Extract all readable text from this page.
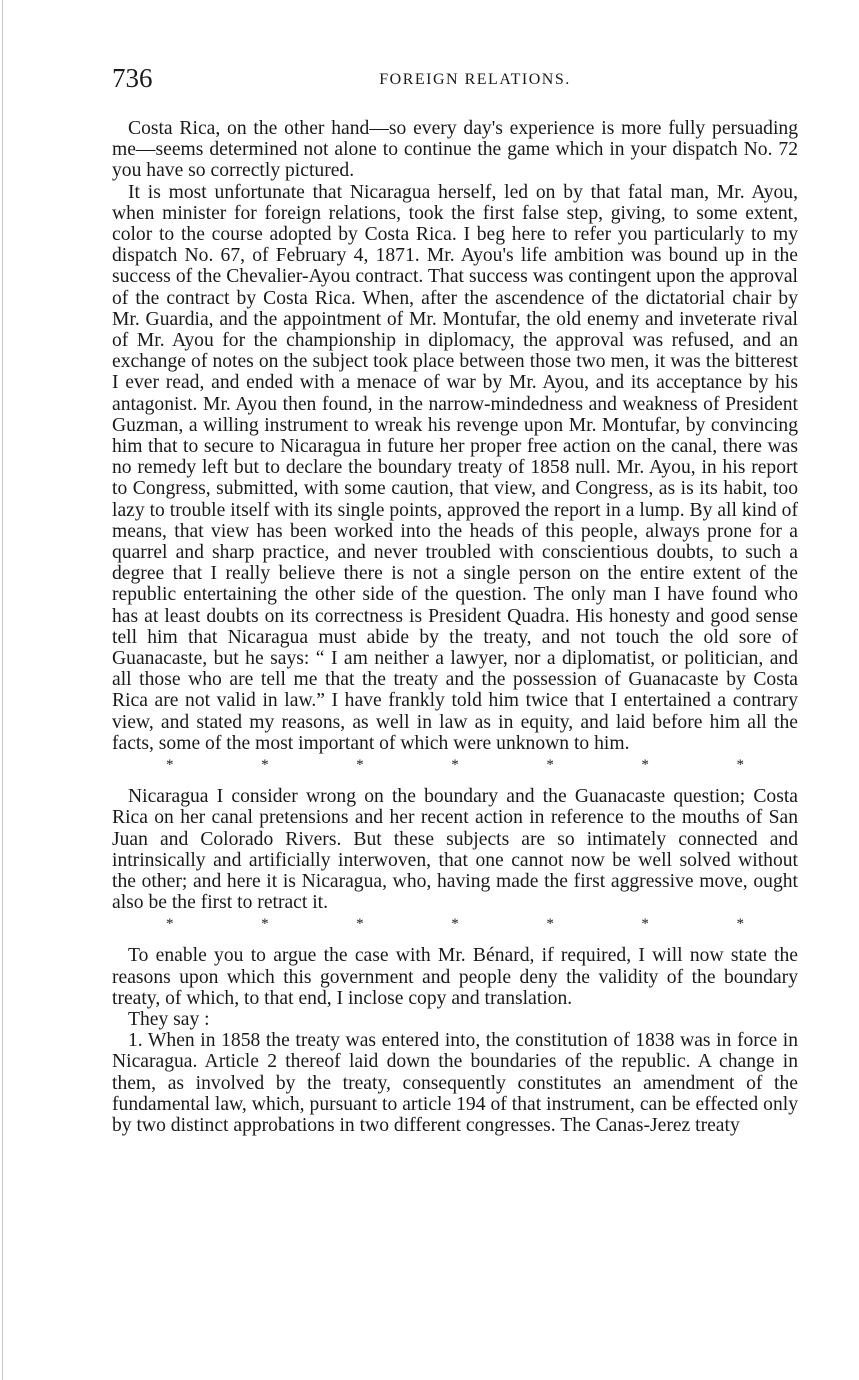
736	FOREIGN RELATIONS.

Costa Rica, on the other hand—so every day's experience is more fully persuading me—seems determined not alone to continue the game which in your dispatch No. 72 you have so correctly pictured.

It is most unfortunate that Nicaragua herself, led on by that fatal man, Mr. Ayou, when minister for foreign relations, took the first false step, giving, to some extent, color to the course adopted by Costa Rica. I beg here to refer you particularly to my dispatch No. 67, of February 4, 1871. Mr. Ayou's life ambition was bound up in the success of the Chevalier-Ayou contract. That success was contingent upon the approval of the contract by Costa Rica. When, after the ascendence of the dictatorial chair by Mr. Guardia, and the appointment of Mr. Montufar, the old enemy and inveterate rival of Mr. Ayou for the championship in diplomacy, the approval was refused, and an exchange of notes on the subject took place between those two men, it was the bitterest I ever read, and ended with a menace of war by Mr. Ayou, and its acceptance by his antagonist. Mr. Ayou then found, in the narrow-mindedness and weakness of President Guzman, a willing instrument to wreak his revenge upon Mr. Montufar, by convincing him that to secure to Nicaragua in future her proper free action on the canal, there was no remedy left but to declare the boundary treaty of 1858 null. Mr. Ayou, in his report to Congress, submitted, with some caution, that view, and Congress, as is its habit, too lazy to trouble itself with its single points, approved the report in a lump. By all kind of means, that view has been worked into the heads of this people, always prone for a quarrel and sharp practice, and never troubled with conscientious doubts, to such a degree that I really believe there is not a single person on the entire extent of the republic entertaining the other side of the question. The only man I have found who has at least doubts on its correctness is President Quadra. His honesty and good sense tell him that Nicaragua must abide by the treaty, and not touch the old sore of Guanacaste, but he says: “ I am neither a lawyer, nor a diplomatist, or politician, and all those who are tell me that the treaty and the possession of Guanacaste by Costa Rica are not valid in law.” I have frankly told him twice that I entertained a contrary view, and stated my reasons, as well in law as in equity, and laid before him all the facts, some of the most important of which were unknown to him.

*	*	*	*	*	*	*

Nicaragua I consider wrong on the boundary and the Guanacaste question; Costa Rica on her canal pretensions and her recent action in reference to the mouths of San Juan and Colorado Rivers. But these subjects are so intimately connected and intrinsically and artificially interwoven, that one cannot now be well solved without the other; and here it is Nicaragua, who, having made the first aggressive move, ought also be the first to retract it.

*	*	*	*	*	*	*

To enable you to argue the case with Mr. Bénard, if required, I will now state the reasons upon which this government and people deny the validity of the boundary treaty, of which, to that end, I inclose copy and translation.

They say :

1. When in 1858 the treaty was entered into, the constitution of 1838 was in force in Nicaragua. Article 2 thereof laid down the boundaries of the republic. A change in them, as involved by the treaty, consequently constitutes an amendment of the fundamental law, which, pursuant to article 194 of that instrument, can be effected only by two distinct approbations in two different congresses. The Canas-Jerez treaty
